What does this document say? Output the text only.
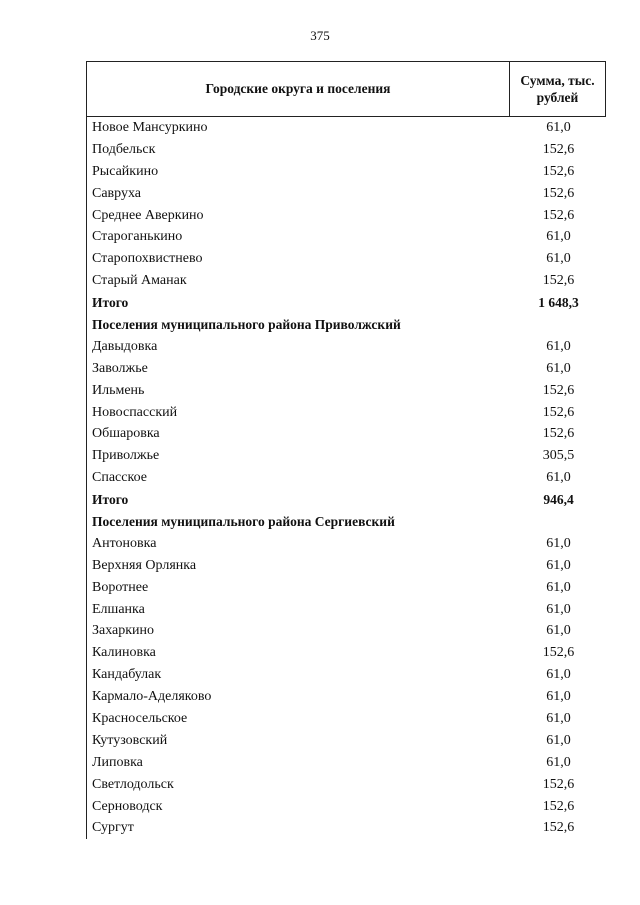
375
Городские округа и поселения
Сумма, тыс.
рублей
Новое Мансуркино	61,0
Подбельск	152,6
Рысайкино	152,6
Савруха	152,6
Среднее Аверкино	152,6
Староганькино	61,0
Старопохвистнево	61,0
Старый Аманак	152,6
Итого	1 648,3
Поселения муниципального района Приволжский
Давыдовка	61,0
Заволжье	61,0
Ильмень	152,6
Новоспасский	152,6
Обшаровка	152,6
Приволжье	305,5
Спасское	61,0
Итого	946,4
Поселения муниципального района Сергиевский
Антоновка	61,0
Верхняя Орлянка	61,0
Воротнее	61,0
Елшанка	61,0
Захаркино	61,0
Калиновка	152,6
Кандабулак	61,0
Кармало-Аделяково	61,0
Красносельское	61,0
Кутузовский	61,0
Липовка	61,0
Светлодольск	152,6
Серноводск	152,6
Сургут	152,6
